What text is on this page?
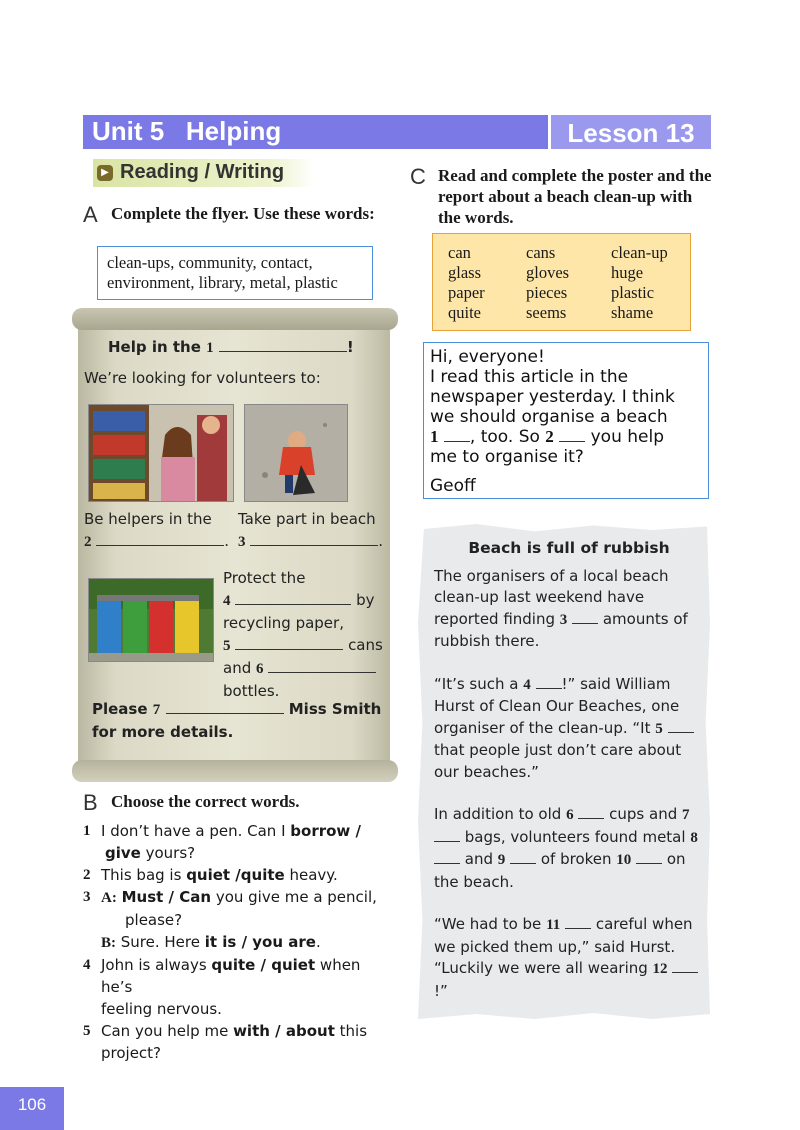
Unit 5   Helping	Lesson 13
▶ Reading / Writing
A Complete the flyer. Use these words:
clean-ups, community, contact, environment, library, metal, plastic
Help in the 1	!
We’re looking for volunteers to:
Be helpers in the
2	.
Take part in beach
3	.
Protect the
4	by
recycling paper,
5	cans
and 6
bottles.
Please 7	Miss Smith
for more details.
B Choose the correct words.
1 I don’t have a pen. Can I borrow /
give yours?
2 This bag is quiet /quite heavy.
3 A: Must / Can you give me a pencil,
please?
B: Sure. Here it is / you are.
4 John is always quite / quiet when he’s
feeling nervous.
5 Can you help me with / about this
project?
C Read and complete the poster and the report about a beach clean-up with the words.
can	cans	clean-up
glass	gloves	huge
paper	pieces	plastic
quite	seems	shame
Hi, everyone!
I read this article in the
newspaper yesterday. I think
we should organise a beach
1 , too. So 2 you help
me to organise it?
Geoff
Beach is full of rubbish

The organisers of a local beach clean-up last weekend have reported finding 3 amounts of rubbish there.

“It’s such a 4 !” said William Hurst of Clean Our Beaches, one organiser of the clean-up. “It 5  that people just don’t care about our beaches.”

In addition to old 6 cups and 7  bags, volunteers found metal 8  and 9 of broken 10 on the beach.

“We had to be 11 careful when we picked them up,” said Hurst. “Luckily we were all wearing 12 !”

106
